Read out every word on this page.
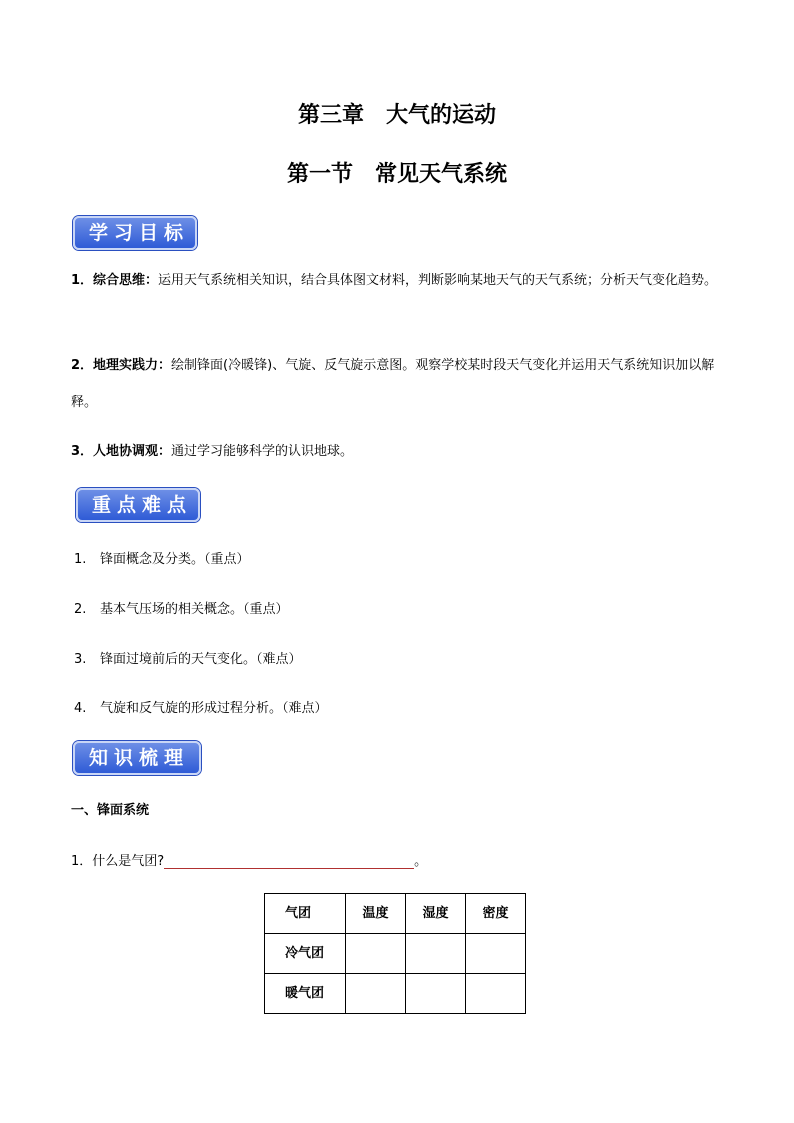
第三章　大气的运动
第一节　常见天气系统
学习目标
1．综合思维：运用天气系统相关知识，结合具体图文材料，判断影响某地天气的天气系统；分析天气变化趋势。
2．地理实践力：绘制锋面(冷暖锋)、气旋、反气旋示意图。观察学校某时段天气变化并运用天气系统知识加以解释。
3．人地协调观：通过学习能够科学的认识地球。
重点难点
1. 锋面概念及分类。（重点）
2. 基本气压场的相关概念。（重点）
3. 锋面过境前后的天气变化。（难点）
4. 气旋和反气旋的形成过程分析。（难点）
知识梳理
一、锋面系统
1．什么是气团?	。
气团	温度	湿度	密度
冷气团			
暖气团			
